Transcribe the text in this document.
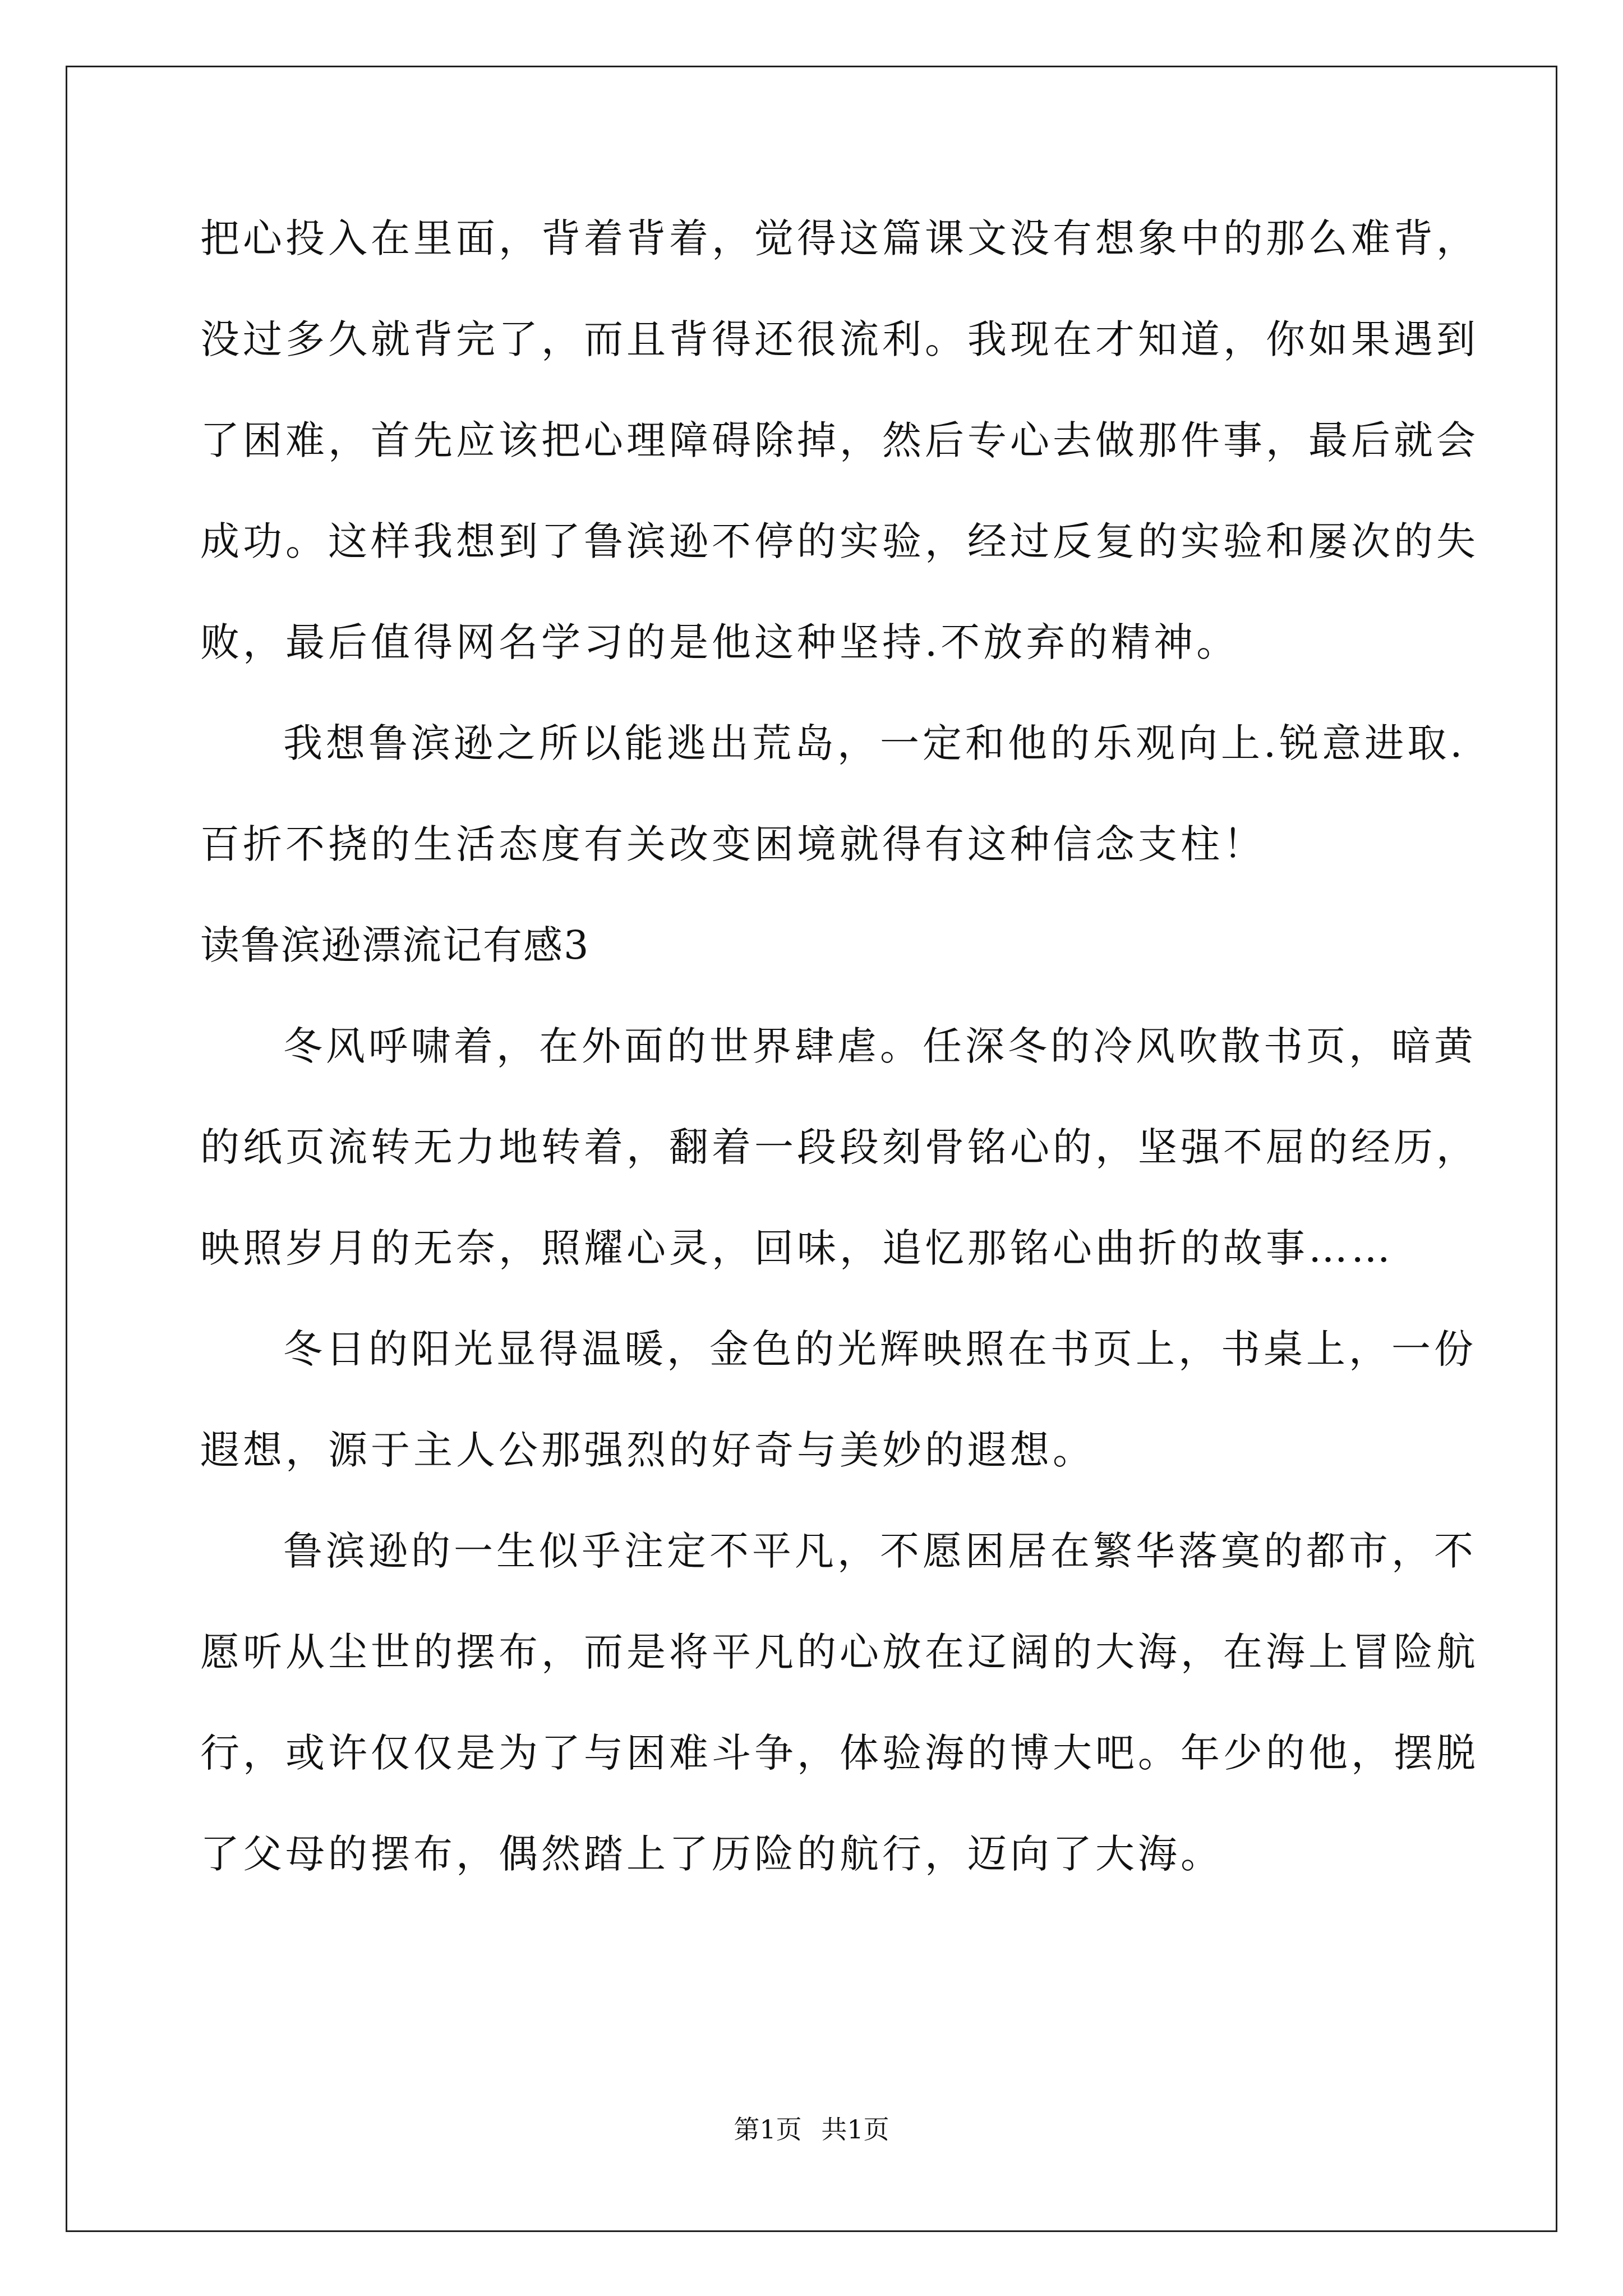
把心投入在里面，背着背着，觉得这篇课文没有想象中的那么难背，
没过多久就背完了，而且背得还很流利。我现在才知道，你如果遇到
了困难，首先应该把心理障碍除掉，然后专心去做那件事，最后就会
成功。这样我想到了鲁滨逊不停的实验，经过反复的实验和屡次的失
败，最后值得网名学习的是他这种坚持.不放弃的精神。
我想鲁滨逊之所以能逃出荒岛，一定和他的乐观向上.锐意进取.
百折不挠的生活态度有关改变困境就得有这种信念支柱！
读鲁滨逊漂流记有感3
冬风呼啸着，在外面的世界肆虐。任深冬的冷风吹散书页，暗黄
的纸页流转无力地转着，翻着一段段刻骨铭心的，坚强不屈的经历，
映照岁月的无奈，照耀心灵，回味，追忆那铭心曲折的故事……
冬日的阳光显得温暖，金色的光辉映照在书页上，书桌上，一份
遐想，源于主人公那强烈的好奇与美妙的遐想。
鲁滨逊的一生似乎注定不平凡，不愿困居在繁华落寞的都市，不
愿听从尘世的摆布，而是将平凡的心放在辽阔的大海，在海上冒险航
行，或许仅仅是为了与困难斗争，体验海的博大吧。年少的他，摆脱
了父母的摆布，偶然踏上了历险的航行，迈向了大海。
第1页 共1页
